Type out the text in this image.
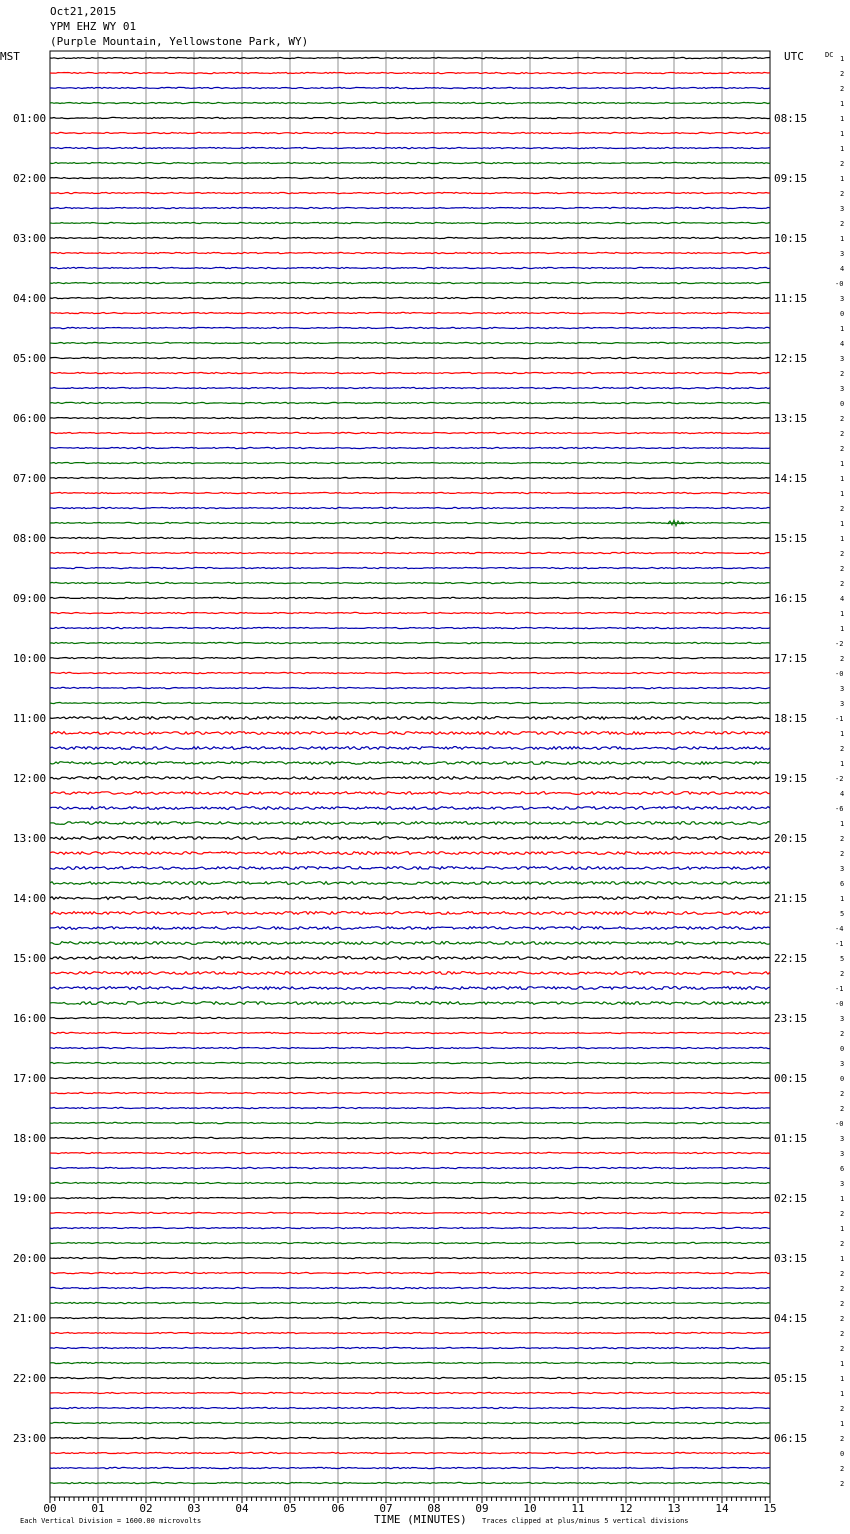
Oct21,2015
YPM EHZ WY 01
(Purple Mountain, Yellowstone Park, WY)
1
2
2
1
1
1
1
2
1
2
3
2
1
3
4
-0
3
0
1
4
3
2
3
0
2
2
2
1
1
1
2
1
1
2
2
2
4
1
1
-2
2
-0
3
3
-1
1
2
1
-2
4
-6
1
2
2
3
6
1
5
-4
-1
5
2
-1
-0
3
2
0
3
0
2
2
-0
3
3
6
3
1
2
1
2
1
2
2
2
2
2
2
1
1
1
2
1
2
0
2
2
01:00
02:00
03:00
04:00
05:00
06:00
07:00
08:00
09:00
10:00
11:00
12:00
13:00
14:00
15:00
16:00
17:00
18:00
19:00
20:00
21:00
22:00
23:00
08:15
09:15
10:15
11:15
12:15
13:15
14:15
15:15
16:15
17:15
18:15
19:15
20:15
21:15
22:15
23:15
00:15
01:15
02:15
03:15
04:15
05:15
06:15
00	01	02	03	04	05	06	07	08	09	10	11	12	13	14	15
MST	UTC	DC
TIME (MINUTES)
Each Vertical Division = 1600.00 microvolts	Traces clipped at plus/minus 5 vertical divisions
